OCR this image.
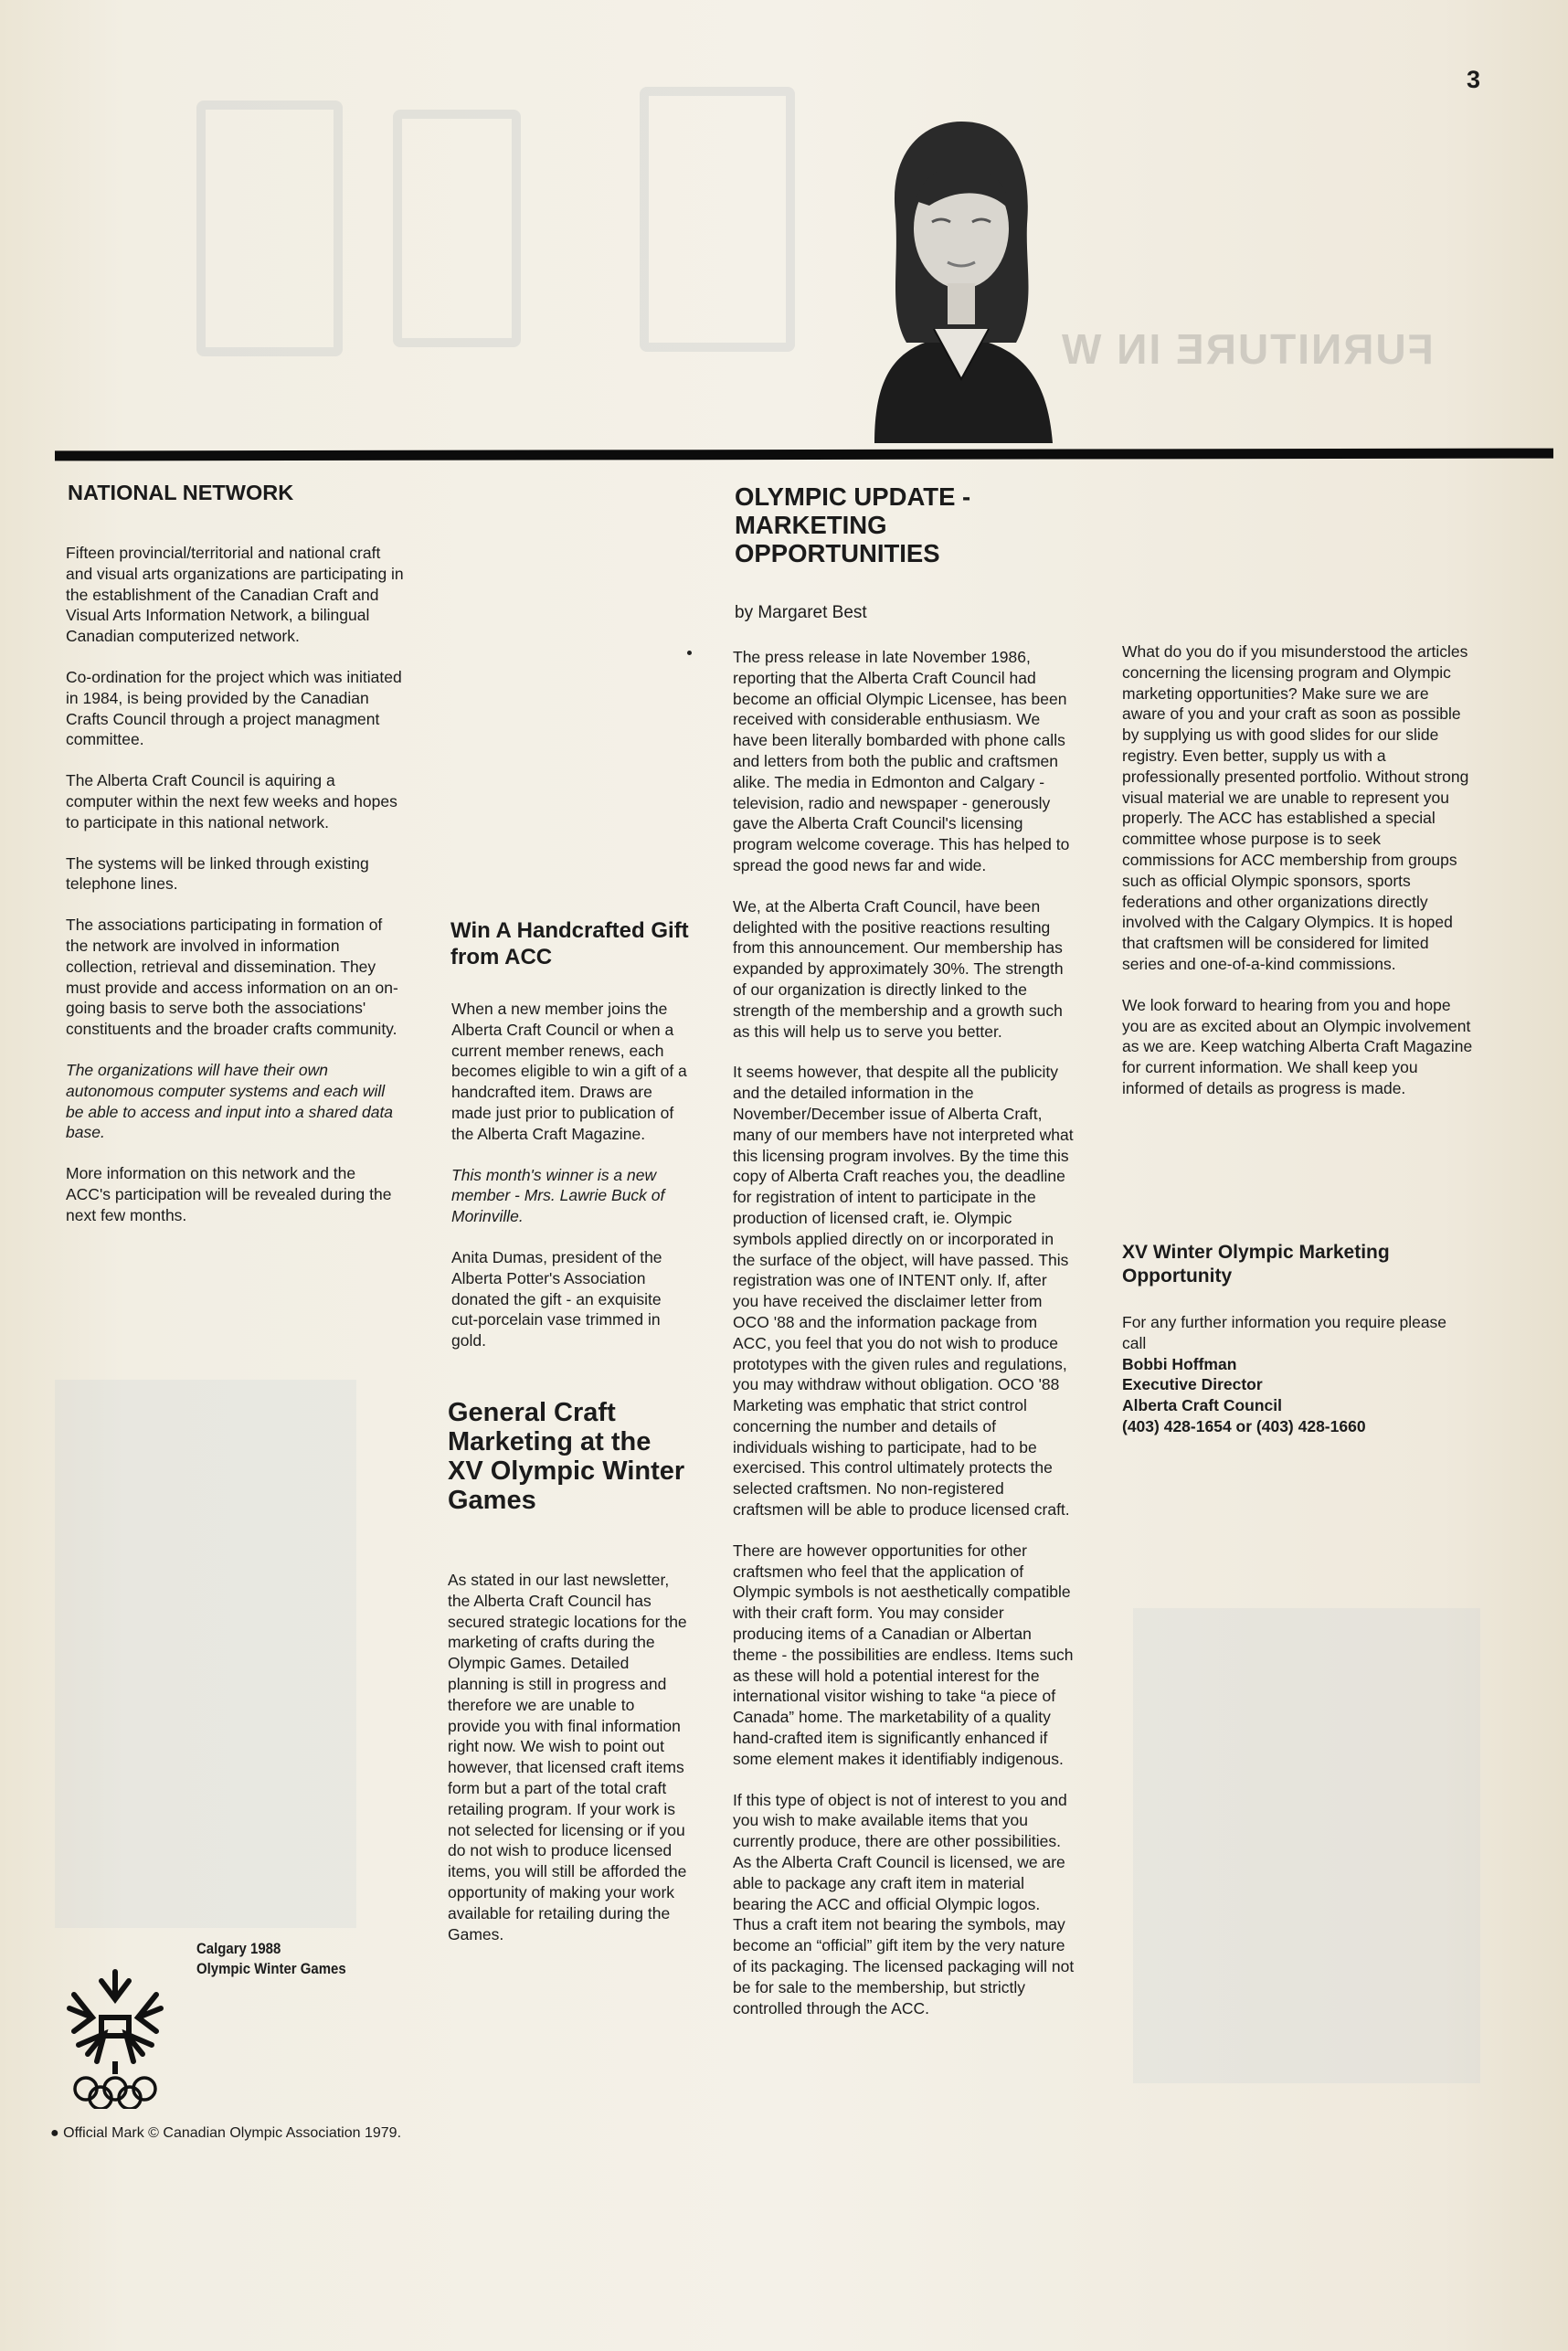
FURNITURE IN W
3
NATIONAL NETWORK

Fifteen provincial/territorial and national craft and visual arts organizations are participating in the establishment of the Canadian Craft and Visual Arts Information Network, a bilingual Canadian computerized network.

Co-ordination for the project which was initiated in 1984, is being provided by the Canadian Crafts Council through a project managment committee.

The Alberta Craft Council is aquiring a computer within the next few weeks and hopes to participate in this national network.

The systems will be linked through existing telephone lines.

The associations participating in formation of the network are involved in information collection, retrieval and dissemination. They must provide and access information on an on-going basis to serve both the associations' constituents and the broader crafts community.

The organizations will have their own autonomous computer systems and each will be able to access and input into a shared data base.

More information on this network and the ACC's participation will be revealed during the next few months.

Win A Handcrafted Gift from ACC

When a new member joins the Alberta Craft Council or when a current member renews, each becomes eligible to win a gift of a handcrafted item. Draws are made just prior to publication of the Alberta Craft Magazine.

This month's winner is a new member - Mrs. Lawrie Buck of Morinville.

Anita Dumas, president of the Alberta Potter's Association donated the gift - an exquisite cut-porcelain vase trimmed in gold.

General Craft Marketing at the XV Olympic Winter Games

As stated in our last newsletter, the Alberta Craft Council has secured strategic locations for the marketing of crafts during the Olympic Games. Detailed planning is still in progress and therefore we are unable to provide you with final information right now. We wish to point out however, that licensed craft items form but a part of the total craft retailing program. If your work is not selected for licensing or if you do not wish to produce licensed items, you will still be afforded the opportunity of making your work available for retailing during the Games.

OLYMPIC UPDATE - MARKETING OPPORTUNITIES
by Margaret Best

The press release in late November 1986, reporting that the Alberta Craft Council had become an official Olympic Licensee, has been received with considerable enthusiasm. We have been literally bombarded with phone calls and letters from both the public and craftsmen alike. The media in Edmonton and Calgary - television, radio and newspaper - generously gave the Alberta Craft Council's licensing program welcome coverage. This has helped to spread the good news far and wide.

We, at the Alberta Craft Council, have been delighted with the positive reactions resulting from this announcement. Our membership has expanded by approximately 30%. The strength of our organization is directly linked to the strength of the membership and a growth such as this will help us to serve you better.

It seems however, that despite all the publicity and the detailed information in the November/December issue of Alberta Craft, many of our members have not interpreted what this licensing program involves. By the time this copy of Alberta Craft reaches you, the deadline for registration of intent to participate in the production of licensed craft, ie. Olympic symbols applied directly on or incorporated in the surface of the object, will have passed. This registration was one of INTENT only. If, after you have received the disclaimer letter from OCO '88 and the information package from ACC, you feel that you do not wish to produce prototypes with the given rules and regulations, you may withdraw without obligation. OCO '88 Marketing was emphatic that strict control concerning the number and details of individuals wishing to participate, had to be exercised. This control ultimately protects the selected craftsmen. No non-registered craftsmen will be able to produce licensed craft.

There are however opportunities for other craftsmen who feel that the application of Olympic symbols is not aesthetically compatible with their craft form. You may consider producing items of a Canadian or Albertan theme - the possibilities are endless. Items such as these will hold a potential interest for the international visitor wishing to take “a piece of Canada” home. The marketability of a quality hand-crafted item is significantly enhanced if some element makes it identifiably indigenous.

If this type of object is not of interest to you and you wish to make available items that you currently produce, there are other possibilities. As the Alberta Craft Council is licensed, we are able to package any craft item in material bearing the ACC and official Olympic logos. Thus a craft item not bearing the symbols, may become an “official” gift item by the very nature of its packaging. The licensed packaging will not be for sale to the membership, but strictly controlled through the ACC.

What do you do if you misunderstood the articles concerning the licensing program and Olympic marketing opportunities? Make sure we are aware of you and your craft as soon as possible by supplying us with good slides for our slide registry. Even better, supply us with a professionally presented portfolio. Without strong visual material we are unable to represent you properly. The ACC has established a special committee whose purpose is to seek commissions for ACC membership from groups such as official Olympic sponsors, sports federations and other organizations directly involved with the Calgary Olympics. It is hoped that craftsmen will be considered for limited series and one-of-a-kind commissions.

We look forward to hearing from you and hope you are as excited about an Olympic involvement as we are. Keep watching Alberta Craft Magazine for current information. We shall keep you informed of details as progress is made.

XV Winter Olympic Marketing Opportunity
For any further information you require please call
Bobbi Hoffman
Executive Director
Alberta Craft Council
(403) 428-1654 or (403) 428-1660
Calgary 1988
Olympic Winter Games
● Official Mark © Canadian Olympic Association 1979.
